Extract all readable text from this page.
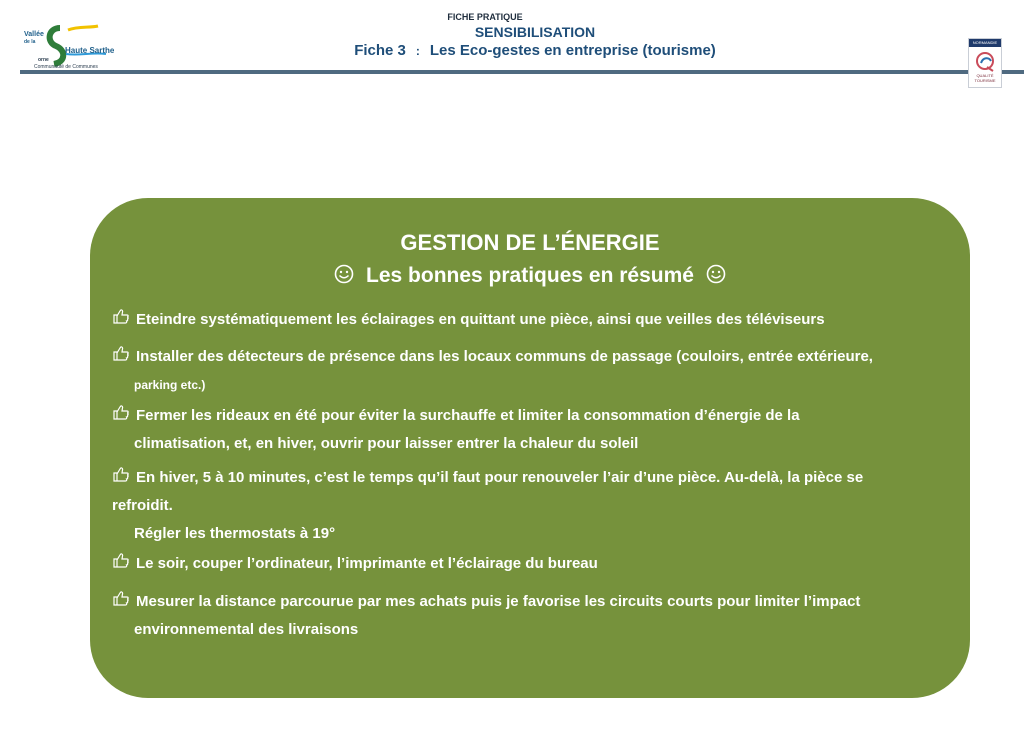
Vallée
de la
Haute Sarthe
orne
Communauté de Communes
FICHE PRATIQUE
SENSIBILISATION
Fiche 3 : Les Eco-gestes en entreprise (tourisme)	NORMANDIE
QUALITÉ TOURISME
GESTION DE L’ÉNERGIE
Les bonnes pratiques en résumé
Eteindre systématiquement les éclairages en quittant une pièce, ainsi que veilles des téléviseurs
Installer des détecteurs de présence dans les locaux communs de passage (couloirs, entrée extérieure,
parking etc.)
Fermer les rideaux en été pour éviter la surchauffe et limiter la consommation d’énergie de la
climatisation, et, en hiver, ouvrir pour laisser entrer la chaleur du soleil
En hiver, 5 à 10 minutes, c’est le temps qu’il faut pour renouveler l’air d’une pièce. Au-delà, la pièce se
refroidit.
Régler les thermostats à 19°
Le soir, couper l’ordinateur, l’imprimante et l’éclairage du bureau
Mesurer la distance parcourue par mes achats puis je favorise les circuits courts pour limiter l’impact
environnemental des livraisons
